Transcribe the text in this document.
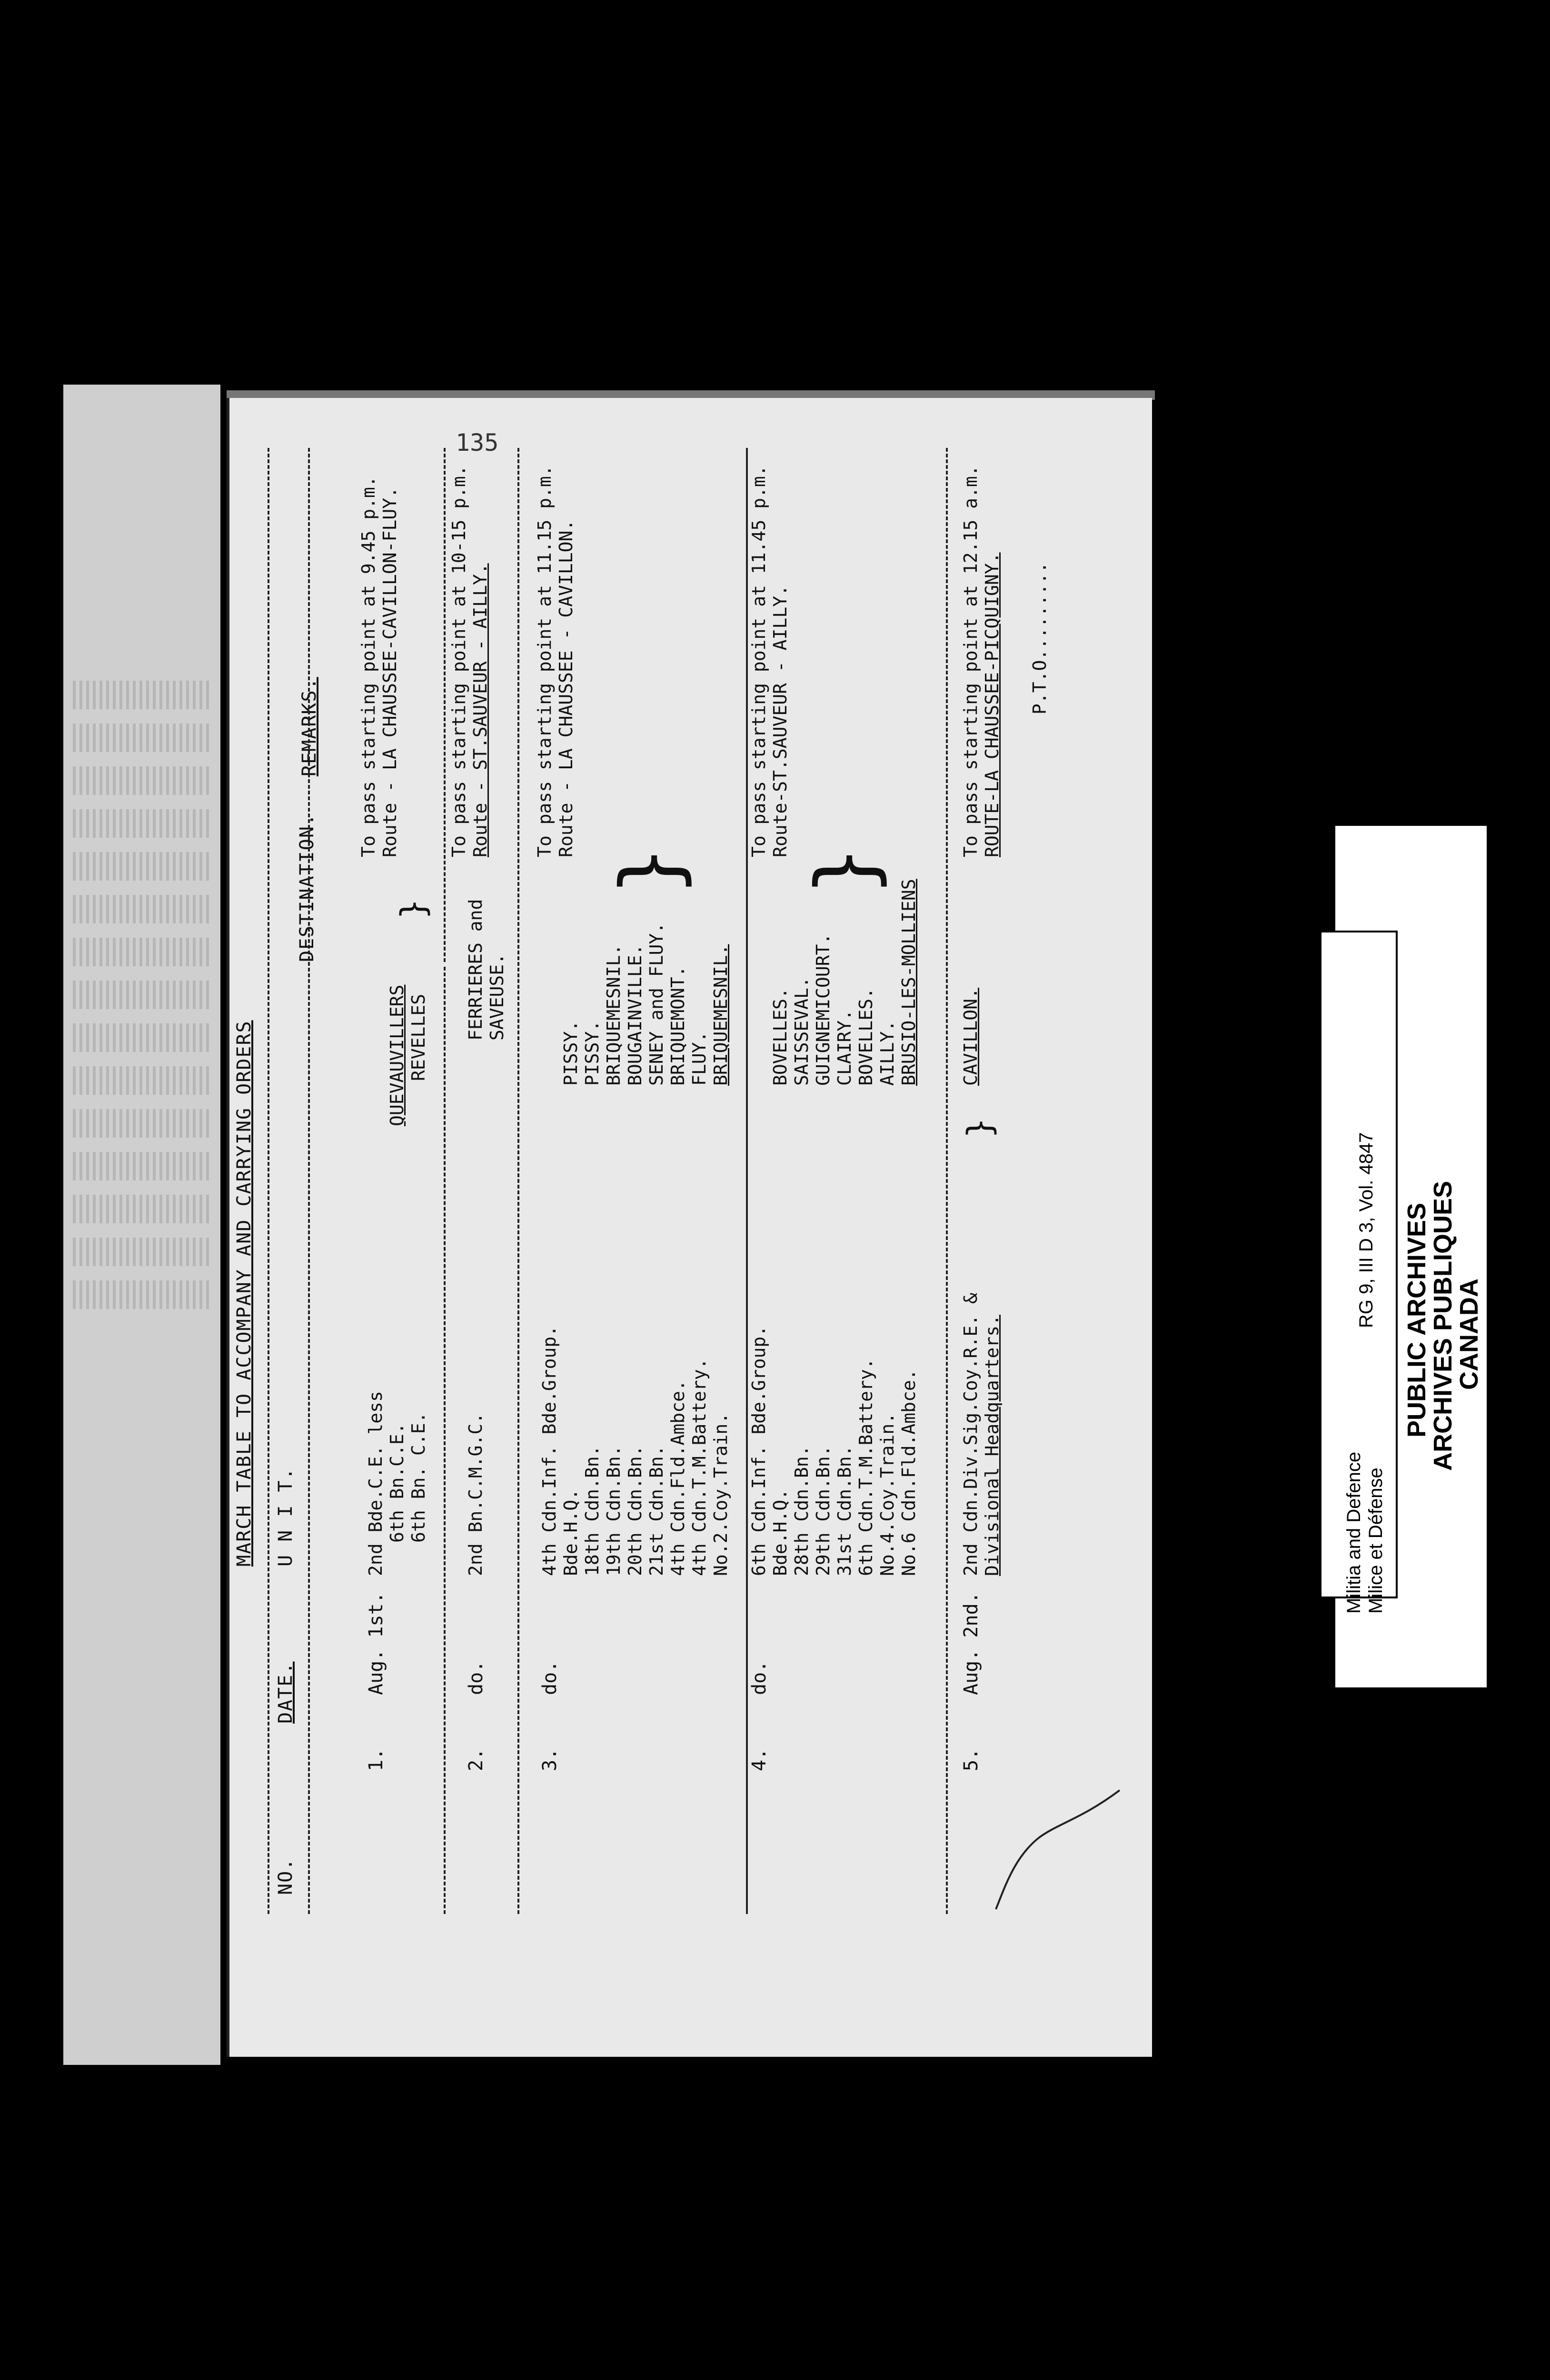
MARCH TABLE TO ACCOMPANY AND CARRYING ORDERS
135
NO.
DATE.
U N I T.
DESTINATION.
REMARKS.
1.
Aug. 1st.
2nd Bde.C.E. less 6th Bn.C.E. 6th Bn. C.E.
QUEVAUVILLERS REVELLES
}
To pass starting point at 9.45 p.m. Route - LA CHAUSSEE-CAVILLON-FLUY.
2.
do.
2nd Bn.C.M.G.C.
FERRIERES and SAVEUSE.
To pass starting point at 10-15 p.m. Route - ST.SAUVEUR - AILLY.
3.
do.
4th Cdn.Inf. Bde.Group. Bde.H.Q. 18th Cdn.Bn. 19th Cdn.Bn. 20th Cdn.Bn. 21st Cdn.Bn. 4th Cdn.Fld.Ambce. 4th Cdn.T.M.Battery. No.2.Coy.Train.
PISSY. PISSY. BRIQUEMESNIL. BOUGAINVILLE. SENEY and FLUY. BRIQUEMONT. FLUY. BRIQUEMESNIL.
}
To pass starting point at 11.15 p.m. Route - LA CHAUSSEE - CAVILLON.
4.
do.
6th Cdn.Inf. Bde.Group. Bde.H.Q. 28th Cdn.Bn. 29th Cdn.Bn. 31st Cdn.Bn. 6th Cdn.T.M.Battery. No.4.Coy.Train. No.6 Cdn.Fld.Ambce.
BOVELLES. SAISSEVAL. GUIGNEMICOURT. CLAIRY. BOVELLES. AILLY. BRUSIO-LES-MOLLIENS
}
To pass starting point at 11.45 p.m. Route-ST.SAUVEUR - AILLY.
5.
Aug. 2nd.
2nd Cdn.Div.Sig.Coy.R.E. & Divisional Headquarters.
}
CAVILLON.
To pass starting point at 12.15 a.m. ROUTE-LA CHAUSSEE-PICQUIGNY. P.T.O.........
Militia and Defence Milice et Défense
RG 9, III D 3, Vol. 4847 PUBLIC ARCHIVES
ARCHIVES PUBLIQUES
CANADA
